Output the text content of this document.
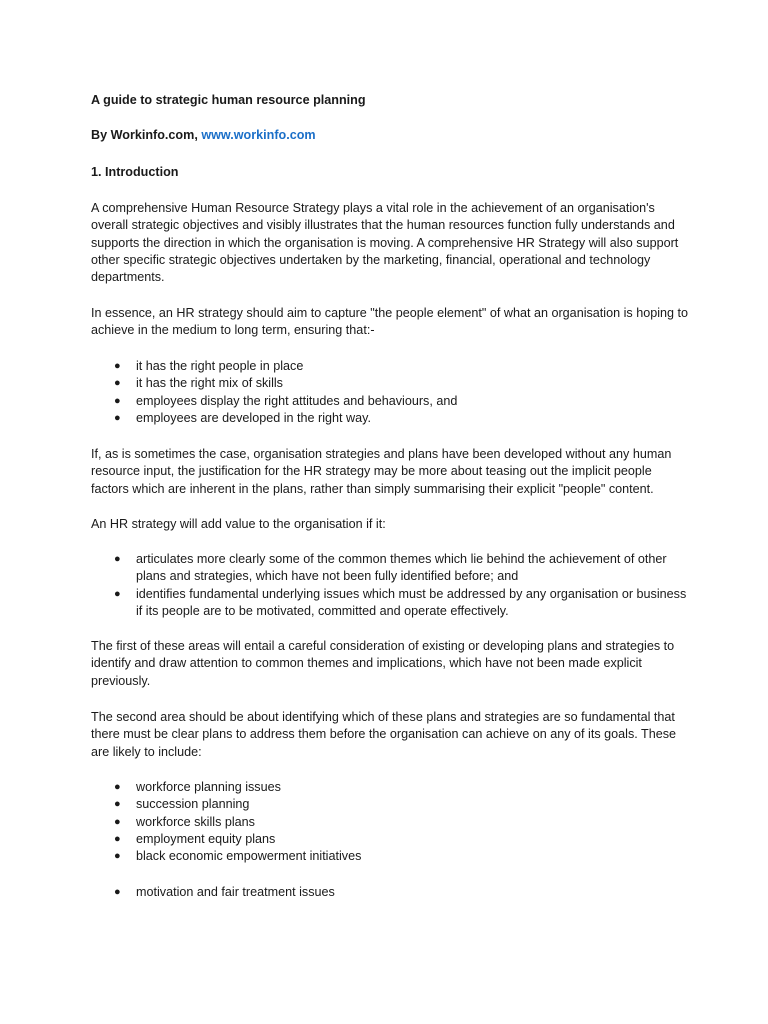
A guide to strategic human resource planning

By Workinfo.com, www.workinfo.com

1. Introduction

A comprehensive Human Resource Strategy plays a vital role in the achievement of an organisation's overall strategic objectives and visibly illustrates that the human resources function fully understands and supports the direction in which the organisation is moving. A comprehensive HR Strategy will also support other specific strategic objectives undertaken by the marketing, financial, operational and technology departments.

In essence, an HR strategy should aim to capture "the people element" of what an organisation is hoping to achieve in the medium to long term, ensuring that:-

● it has the right people in place
● it has the right mix of skills
● employees display the right attitudes and behaviours, and
● employees are developed in the right way.

If, as is sometimes the case, organisation strategies and plans have been developed without any human resource input, the justification for the HR strategy may be more about teasing out the implicit people factors which are inherent in the plans, rather than simply summarising their explicit "people" content.

An HR strategy will add value to the organisation if it:

● articulates more clearly some of the common themes which lie behind the achievement of other plans and strategies, which have not been fully identified before; and
● identifies fundamental underlying issues which must be addressed by any organisation or business if its people are to be motivated, committed and operate effectively.

The first of these areas will entail a careful consideration of existing or developing plans and strategies to identify and draw attention to common themes and implications, which have not been made explicit previously.

The second area should be about identifying which of these plans and strategies are so fundamental that there must be clear plans to address them before the organisation can achieve on any of its goals. These are likely to include:

● workforce planning issues
● succession planning
● workforce skills plans
● employment equity plans
● black economic empowerment initiatives
● motivation and fair treatment issues
